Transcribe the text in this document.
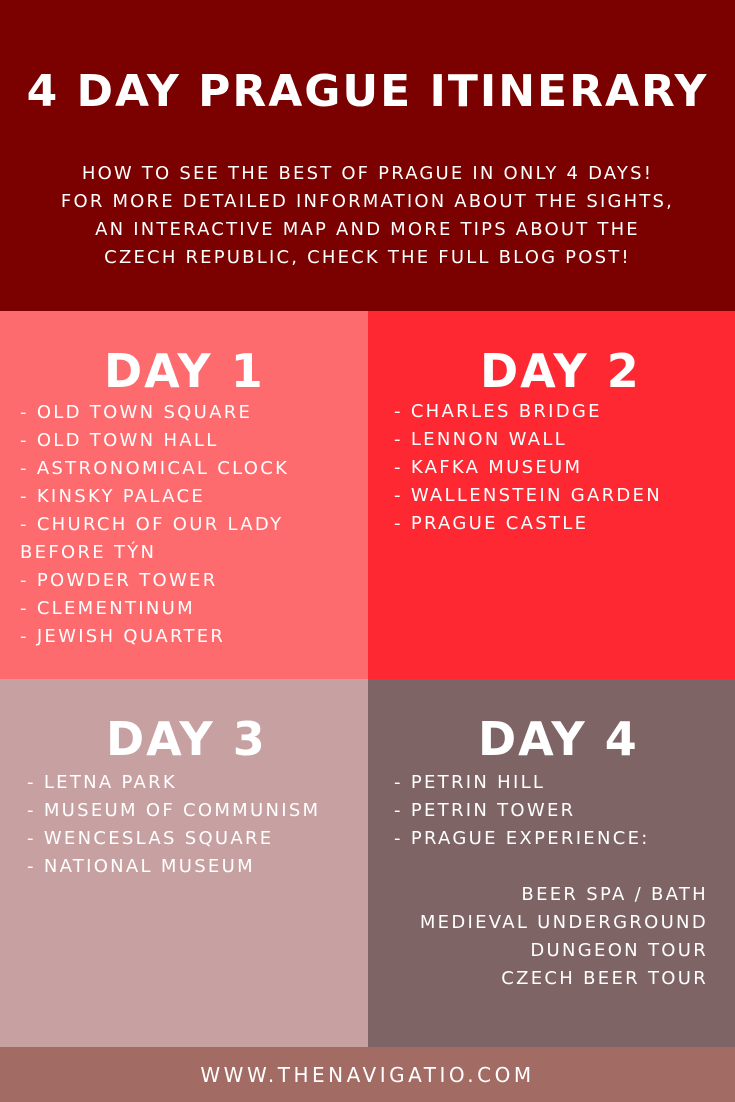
4 DAY PRAGUE ITINERARY
HOW TO SEE THE BEST OF PRAGUE IN ONLY 4 DAYS! FOR MORE DETAILED INFORMATION ABOUT THE SIGHTS, AN INTERACTIVE MAP AND MORE TIPS ABOUT THE CZECH REPUBLIC, CHECK THE FULL BLOG POST!
DAY 1
- OLD TOWN SQUARE
- OLD TOWN HALL
- ASTRONOMICAL CLOCK
- KINSKY PALACE
- CHURCH OF OUR LADY BEFORE TÝN
- POWDER TOWER
- CLEMENTINUM
- JEWISH QUARTER
DAY 2
- CHARLES BRIDGE
- LENNON WALL
- KAFKA MUSEUM
- WALLENSTEIN GARDEN
- PRAGUE CASTLE
DAY 3
- LETNA PARK
- MUSEUM OF COMMUNISM
- WENCESLAS SQUARE
- NATIONAL MUSEUM
DAY 4
- PETRIN HILL
- PETRIN TOWER
- PRAGUE EXPERIENCE:
BEER SPA / BATH
MEDIEVAL UNDERGROUND
DUNGEON TOUR
CZECH BEER TOUR
WWW.THENAVIGATIO.COM
